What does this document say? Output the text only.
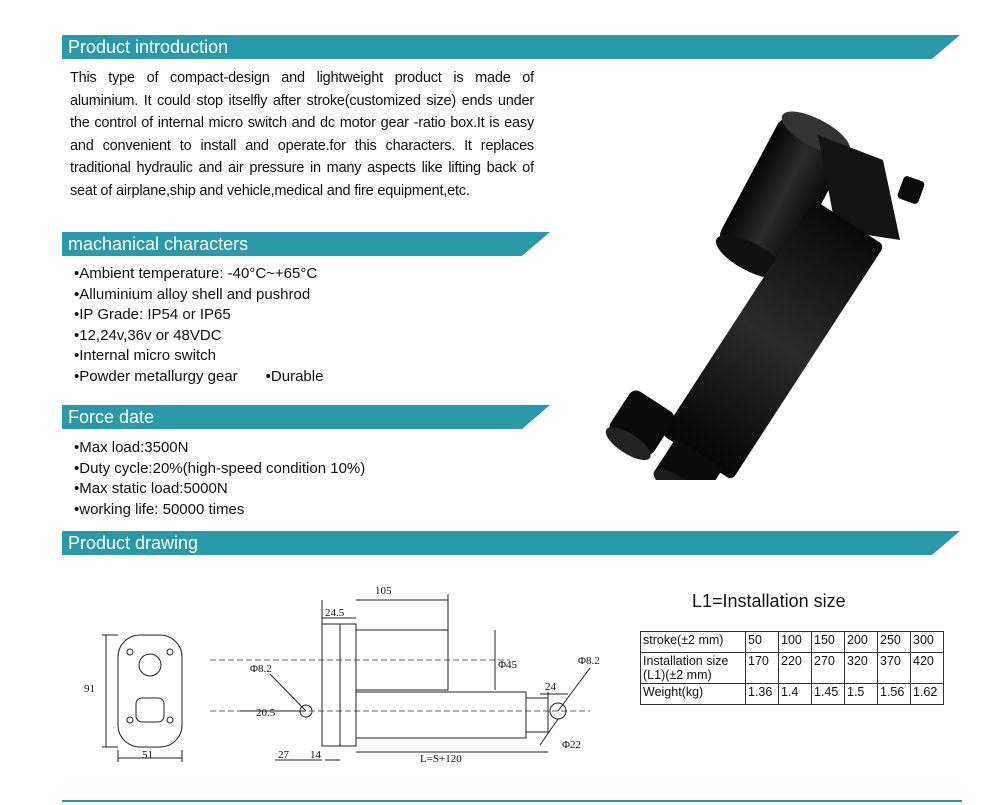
Product introduction
This type of compact-design and lightweight product is made of aluminium. It could stop itselfly after stroke(customized size) ends under the control of internal micro switch and dc motor gear -ratio box.It is easy and convenient to install and operate.for this characters. It replaces traditional hydraulic and air pressure in many aspects like lifting back of seat of airplane,ship and vehicle,medical and fire equipment,etc.
machanical characters
•Ambient temperature: -40°C~+65°C
•Alluminium alloy shell and pushrod
•IP Grade: IP54 or IP65
•12,24v,36v or 48VDC
•Internal micro switch
•Powder metallurgy gear •Durable
Force date
•Max load:3500N
•Duty cycle:20%(high-speed condition 10%)
•Max static load:5000N
•working life: 50000 times
Product drawing
105
24.5
Φ45
Φ8.2
Φ8.2
91
20.5
24
Φ22
51	27 14	L=S+120
L1=Installation size
stroke(±2 mm)	50	100	150	200	250	300
Installation size (L1)(±2 mm)	170	220	270	320	370	420
Weight(kg)	1.36	1.4	1.45	1.5	1.56	1.62
